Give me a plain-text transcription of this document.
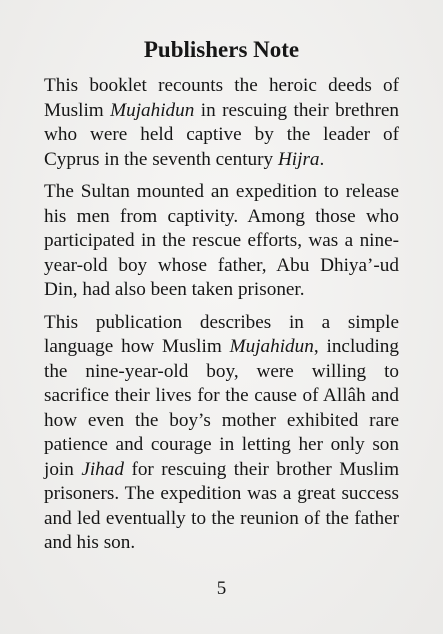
Publishers Note

This booklet recounts the heroic deeds of Muslim Mujahidun in rescuing their brethren who were held captive by the leader of Cyprus in the seventh century Hijra.

The Sultan mounted an expedition to release his men from captivity. Among those who participated in the rescue efforts, was a nine-year-old boy whose father, Abu Dhiya’-ud Din, had also been taken prisoner.

This publication describes in a simple language how Muslim Mujahidun, including the nine-year-old boy, were willing to sacrifice their lives for the cause of Allâh and how even the boy’s mother exhibited rare patience and courage in letting her only son join Jihad for rescuing their brother Muslim prisoners. The expedition was a great success and led eventually to the reunion of the father and his son.

5
